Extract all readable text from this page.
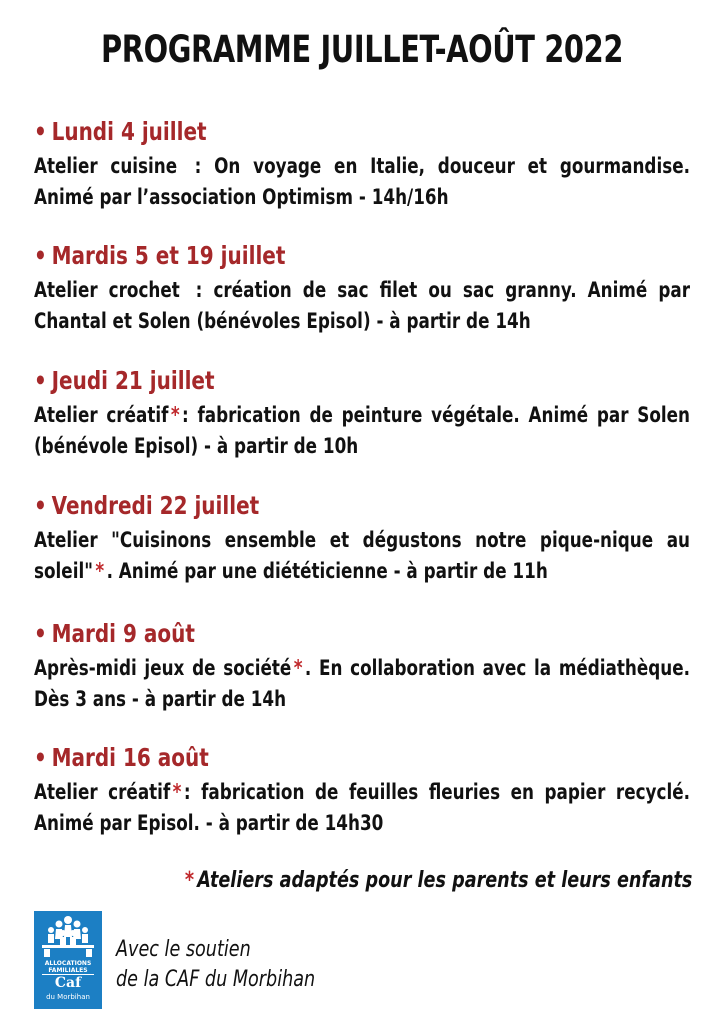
PROGRAMME JUILLET-AOÛT 2022
• Lundi 4 juillet
Atelier cuisine : On voyage en Italie, douceur et gourmandise. Animé par l’association Optimism - 14h/16h
• Mardis 5 et 19 juillet
Atelier crochet : création de sac filet ou sac granny. Animé par Chantal et Solen (bénévoles Episol) - à partir de 14h
• Jeudi 21 juillet
Atelier créatif * : fabrication de peinture végétale. Animé par Solen (bénévole Episol) - à partir de 10h
• Vendredi 22 juillet
Atelier "Cuisinons ensemble et dégustons notre pique-nique au soleil" * . Animé par une diététicienne - à partir de 11h
• Mardi 9 août
Après-midi jeux de société * . En collaboration avec la médiathèque. Dès 3 ans - à partir de 14h
• Mardi 16 août
Atelier créatif * : fabrication de feuilles fleuries en papier recyclé. Animé par Episol. - à partir de 14h30
* Ateliers adaptés pour les parents et leurs enfants
ALLOCATIONS
FAMILIALES
Caf
du Morbihan
Avec le soutien
de la CAF du Morbihan
